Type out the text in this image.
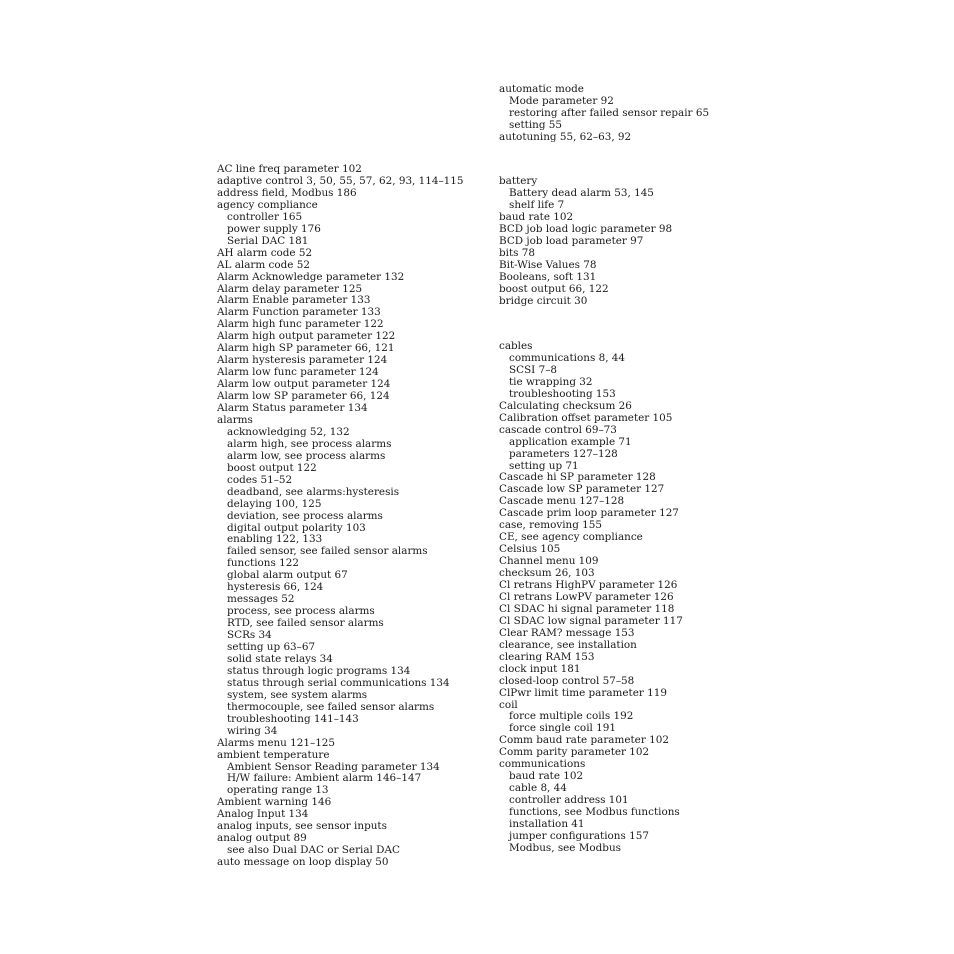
AC line freq parameter 102
adaptive control 3, 50, 55, 57, 62, 93, 114–115
address field, Modbus 186
agency compliance
controller 165
power supply 176
Serial DAC 181
AH alarm code 52
AL alarm code 52
Alarm Acknowledge parameter 132
Alarm delay parameter 125
Alarm Enable parameter 133
Alarm Function parameter 133
Alarm high func parameter 122
Alarm high output parameter 122
Alarm high SP parameter 66, 121
Alarm hysteresis parameter 124
Alarm low func parameter 124
Alarm low output parameter 124
Alarm low SP parameter 66, 124
Alarm Status parameter 134
alarms
acknowledging 52, 132
alarm high, see process alarms
alarm low, see process alarms
boost output 122
codes 51–52
deadband, see alarms:hysteresis
delaying 100, 125
deviation, see process alarms
digital output polarity 103
enabling 122, 133
failed sensor, see failed sensor alarms
functions 122
global alarm output 67
hysteresis 66, 124
messages 52
process, see process alarms
RTD, see failed sensor alarms
SCRs 34
setting up 63–67
solid state relays 34
status through logic programs 134
status through serial communications 134
system, see system alarms
thermocouple, see failed sensor alarms
troubleshooting 141–143
wiring 34
Alarms menu 121–125
ambient temperature
Ambient Sensor Reading parameter 134
H/W failure: Ambient alarm 146–147
operating range 13
Ambient warning 146
Analog Input 134
analog inputs, see sensor inputs
analog output 89
see also Dual DAC or Serial DAC
auto message on loop display 50
automatic mode
Mode parameter 92
restoring after failed sensor repair 65
setting 55
autotuning 55, 62–63, 92
battery
Battery dead alarm 53, 145
shelf life 7
baud rate 102
BCD job load logic parameter 98
BCD job load parameter 97
bits 78
Bit-Wise Values 78
Booleans, soft 131
boost output 66, 122
bridge circuit 30
cables
communications 8, 44
SCSI 7–8
tie wrapping 32
troubleshooting 153
Calculating checksum 26
Calibration offset parameter 105
cascade control 69–73
application example 71
parameters 127–128
setting up 71
Cascade hi SP parameter 128
Cascade low SP parameter 127
Cascade menu 127–128
Cascade prim loop parameter 127
case, removing 155
CE, see agency compliance
Celsius 105
Channel menu 109
checksum 26, 103
Cl retrans HighPV parameter 126
Cl retrans LowPV parameter 126
Cl SDAC hi signal parameter 118
Cl SDAC low signal parameter 117
Clear RAM? message 153
clearance, see installation
clearing RAM 153
clock input 181
closed-loop control 57–58
ClPwr limit time parameter 119
coil
force multiple coils 192
force single coil 191
Comm baud rate parameter 102
Comm parity parameter 102
communications
baud rate 102
cable 8, 44
controller address 101
functions, see Modbus functions
installation 41
jumper configurations 157
Modbus, see Modbus
